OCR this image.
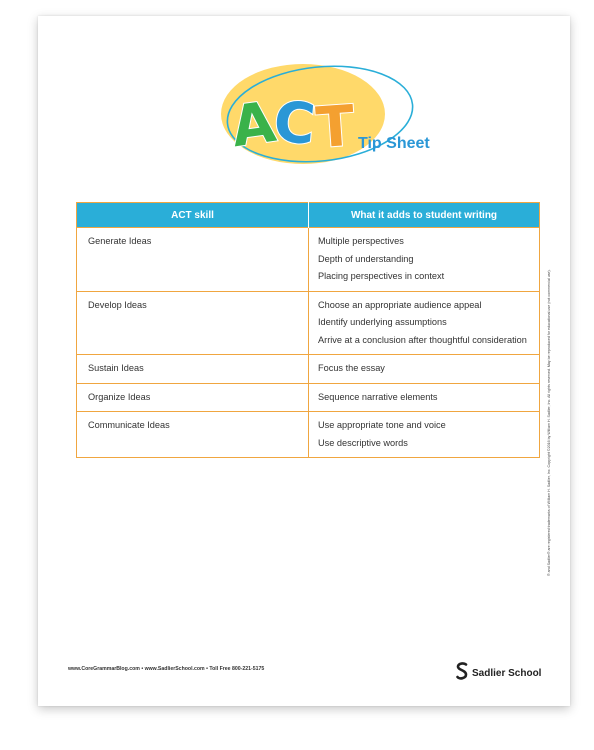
A
C
T Tip Sheet
ACT skill	What it adds to student writing
Generate Ideas	Multiple perspectives
Depth of understanding
Placing perspectives in context

Develop Ideas	Choose an appropriate audience appeal
Identify underlying assumptions
Arrive at a conclusion after thoughtful consideration

Sustain Ideas	Focus the essay

Organize Ideas	Sequence narrative elements

Communicate Ideas	Use appropriate tone and voice
Use descriptive words
www.CoreGrammarBlog.com • www.SadlierSchool.com • Toll Free 800-221-5175	Sadlier School
® and Sadlier® are registered trademarks of William H. Sadlier, Inc. Copyright ©2016 by William H. Sadlier, Inc. All rights reserved. May be reproduced for educational use (not commercial use).
